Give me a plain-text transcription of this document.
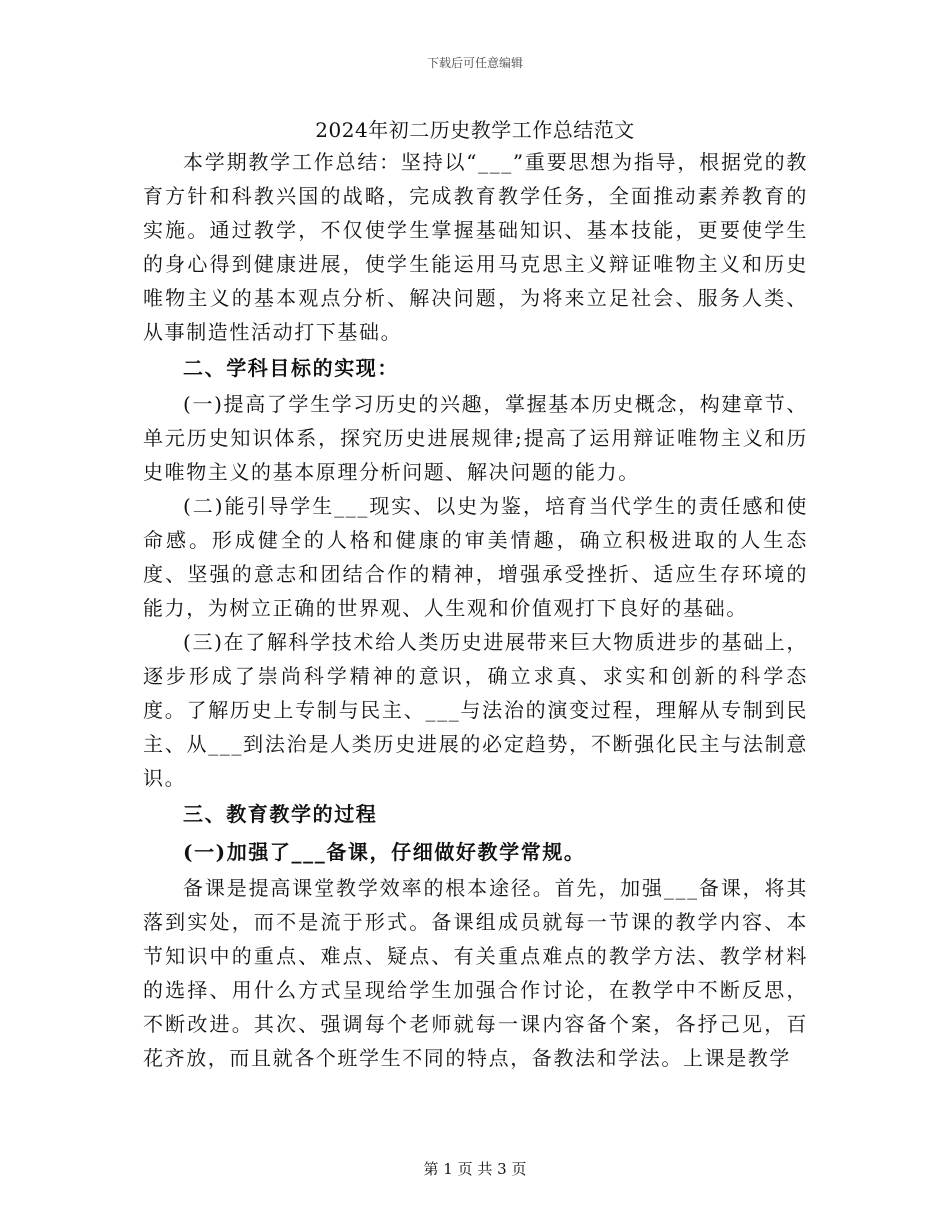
下载后可任意编辑
2024年初二历史教学工作总结范文

本学期教学工作总结：坚持以“___”重要思想为指导，根据党的教育方针和科教兴国的战略，完成教育教学任务，全面推动素养教育的实施。通过教学，不仅使学生掌握基础知识、基本技能，更要使学生的身心得到健康进展，使学生能运用马克思主义辩证唯物主义和历史唯物主义的基本观点分析、解决问题，为将来立足社会、服务人类、从事制造性活动打下基础。

二、学科目标的实现：

(一)提高了学生学习历史的兴趣，掌握基本历史概念，构建章节、单元历史知识体系，探究历史进展规律;提高了运用辩证唯物主义和历史唯物主义的基本原理分析问题、解决问题的能力。

(二)能引导学生___现实、以史为鉴，培育当代学生的责任感和使命感。形成健全的人格和健康的审美情趣，确立积极进取的人生态度、坚强的意志和团结合作的精神，增强承受挫折、适应生存环境的能力，为树立正确的世界观、人生观和价值观打下良好的基础。

(三)在了解科学技术给人类历史进展带来巨大物质进步的基础上，逐步形成了崇尚科学精神的意识，确立求真、求实和创新的科学态度。了解历史上专制与民主、___与法治的演变过程，理解从专制到民主、从___到法治是人类历史进展的必定趋势，不断强化民主与法制意识。

三、教育教学的过程

(一)加强了___备课，仔细做好教学常规。

备课是提高课堂教学效率的根本途径。首先，加强___备课，将其落到实处，而不是流于形式。备课组成员就每一节课的教学内容、本节知识中的重点、难点、疑点、有关重点难点的教学方法、教学材料的选择、用什么方式呈现给学生加强合作讨论，在教学中不断反思，不断改进。其次、强调每个老师就每一课内容备个案，各抒己见，百花齐放，而且就各个班学生不同的特点，备教法和学法。上课是教学

第 1 页 共 3 页
